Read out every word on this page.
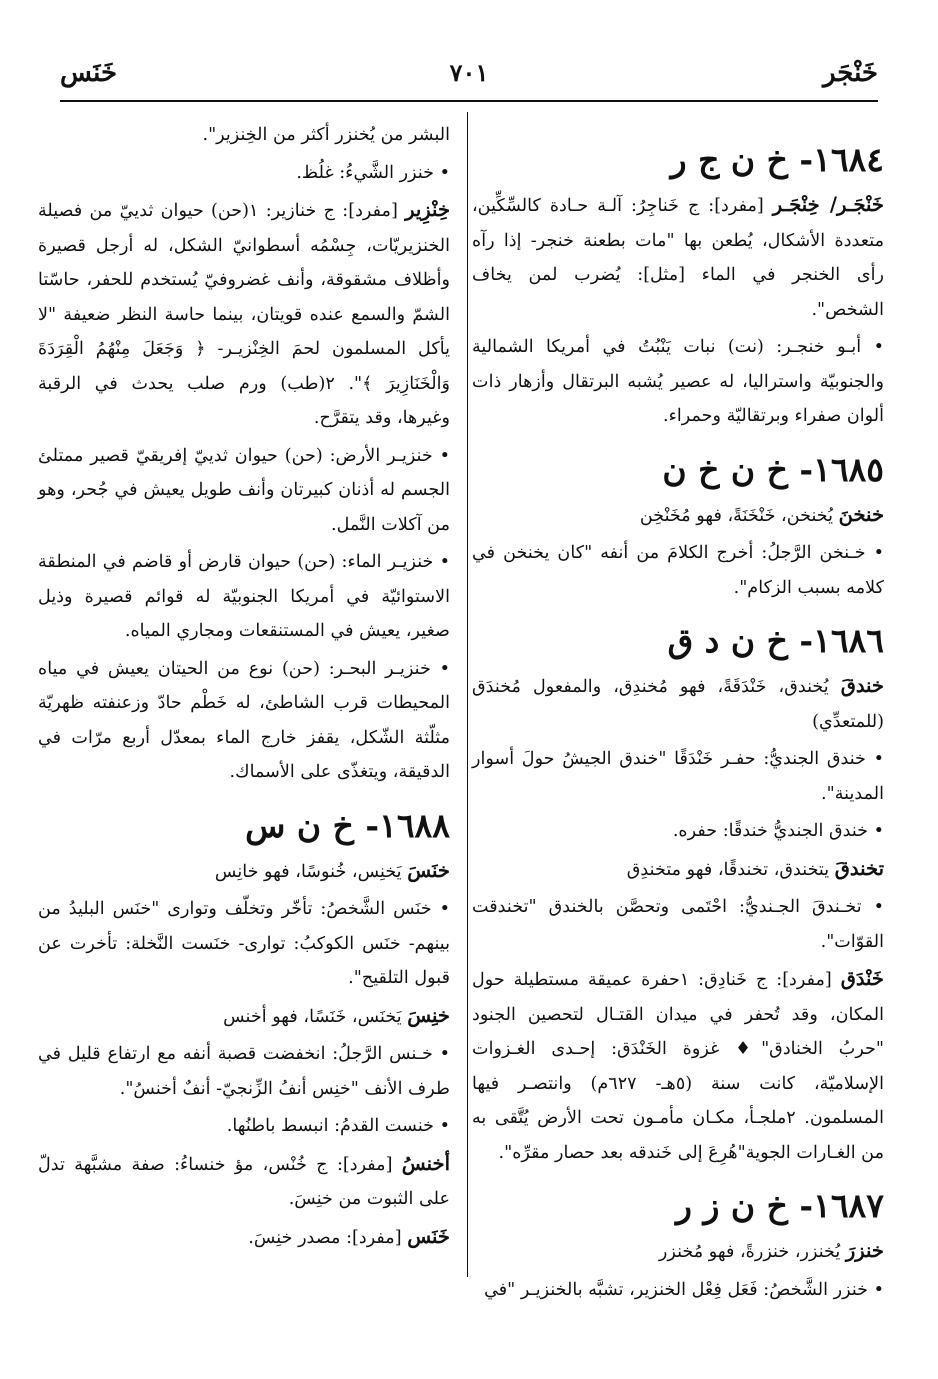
خَنْجَر
٧٠١
خَنَس
١٦٨٤- خ ن ج ر

خَنْجَـر/ خِنْجَـر [مفرد]: ج خَناجِرُ: آلـة حـادة كالسِّكِّين، متعددة الأشكال، يُطعن بها "مات بطعنة خنجر- إذا رآه رأى الخنجر في الماء [مثل]: يُضرب لمن يخاف الشخص".

• أبـو خنجـر: (نت) نبات يَنْبُتُ في أمريكا الشمالية والجنوبيّة واستراليا، له عصير يُشبه البرتقال وأزهار ذات ألوان صفراء وبرتقاليّة وحمراء.

١٦٨٥- خ ن خ ن

خنخنَ يُخنخن، خَنْخَنَةً، فهو مُخَنْخِن

• خـنخن الرَّجلُ: أخرج الكلامَ من أنفه "كان يخنخن في كلامه بسبب الزكام".

١٦٨٦- خ ن د ق

خندقَ يُخندق، خَنْدَقَةً، فهو مُخندِق، والمفعول مُخندَق (للمتعدِّي)

• خندق الجنديُّ: حفـر خَنْدَقًا "خندق الجيشُ حولَ أسوار المدينة".

• خندق الجنديُّ خندقًا: حفره.

تخندقَ يتخندق، تخندقًا، فهو متخندِق

• تخـندقَ الجـنديُّ: احْتَمى وتحصَّن بالخندق "تخندقت القوّات".

خَنْدَق [مفرد]: ج خَنادِق: ١حفرة عميقة مستطيلة حول المكان، وقد تُحفر في ميدان القتـال لتحصين الجنود "حربُ الخنادق"♦ غزوة الخَنْدَق: إحـدى الغـزوات الإسلاميّة، كانت سنة (٥هـ- ٦٢٧م) وانتصـر فيها المسلمون. ٢ملجـأ، مكـان مأمـون تحت الأرض يُتَّقى به من الغـارات الجوية"هُرِعَ إلى خَندقه بعد حصار مقرِّه".

١٦٨٧- خ ن ز ر

خنزرَ يُخنزر، خنزرةً، فهو مُخنزر

• خنزر الشَّخصُ: فَعَل فِعْل الخنزير، تشبَّه بالخنزيـر "في

البشر من يُخنزر أكثر من الخِنزير".

• خنزر الشَّيءُ: غلُظ.

خِنْزِير [مفرد]: ج خنازير: ١(حن) حيوان ثدييّ من فصيلة الخنزيريّات، جِسْمُه أسطوانيّ الشكل، له أرجل قصيرة وأظلاف مشقوقة، وأنف غضروفيّ يُستخدم للحفر، حاسّتا الشمّ والسمع عنده قويتان، بينما حاسة النظر ضعيفة "لا يأكل المسلمون لحمَ الخِنْزيـر- ﴿ وَجَعَلَ مِنْهُمُ الْقِرَدَةَ وَالْخَنَازِيرَ ﴾". ٢(طب) ورم صلب يحدث في الرقبة وغيرها، وقد يتقرَّح.

• خنزيـر الأرض: (حن) حيوان ثدييّ إفريقيّ قصير ممتلئ الجسم له أذنان كبيرتان وأنف طويل يعيش في جُحر، وهو من آكلات النَّمل.

• خنزيـر الماء: (حن) حيوان قارض أو قاضم في المنطقة الاستوائيّة في أمريكا الجنوبيّة له قوائم قصيرة وذيل صغير، يعيش في المستنقعات ومجاري المياه.

• خنزيـر البحـر: (حن) نوع من الحيتان يعيش في مياه المحيطات قرب الشاطئ، له خَطْم حادّ وزعنفته ظهريّة مثلّثة الشّكل، يقفز خارج الماء بمعدّل أربع مرّات في الدقيقة، ويتغذّى على الأسماك.

١٦٨٨- خ ن س

خنَسَ يَخنِس، خُنوسًا، فهو خانِس

• خنَس الشَّخصُ: تأخّر وتخلّف وتوارى "خنَس البليدُ من بينهم- خنَس الكوكبُ: توارى- خنَست النَّخلة: تأخرت عن قبول التلقيح".

خنِسَ يَخنَس، خَنَسًا، فهو أخنس

• خـنس الرَّجلُ: انخفضت قصبة أنفه مع ارتفاع قليل في طرف الأنف "خنِس أنفُ الزِّنجيّ- أنفٌ أخنسُ".

• خنست القدمُ: انبسط باطنُها.

أخنسُ [مفرد]: ج خُنْس، مؤ خنساءُ: صفة مشبَّهة تدلّ على الثبوت من خنِسَ.

خَنَس [مفرد]: مصدر خنِسَ.
